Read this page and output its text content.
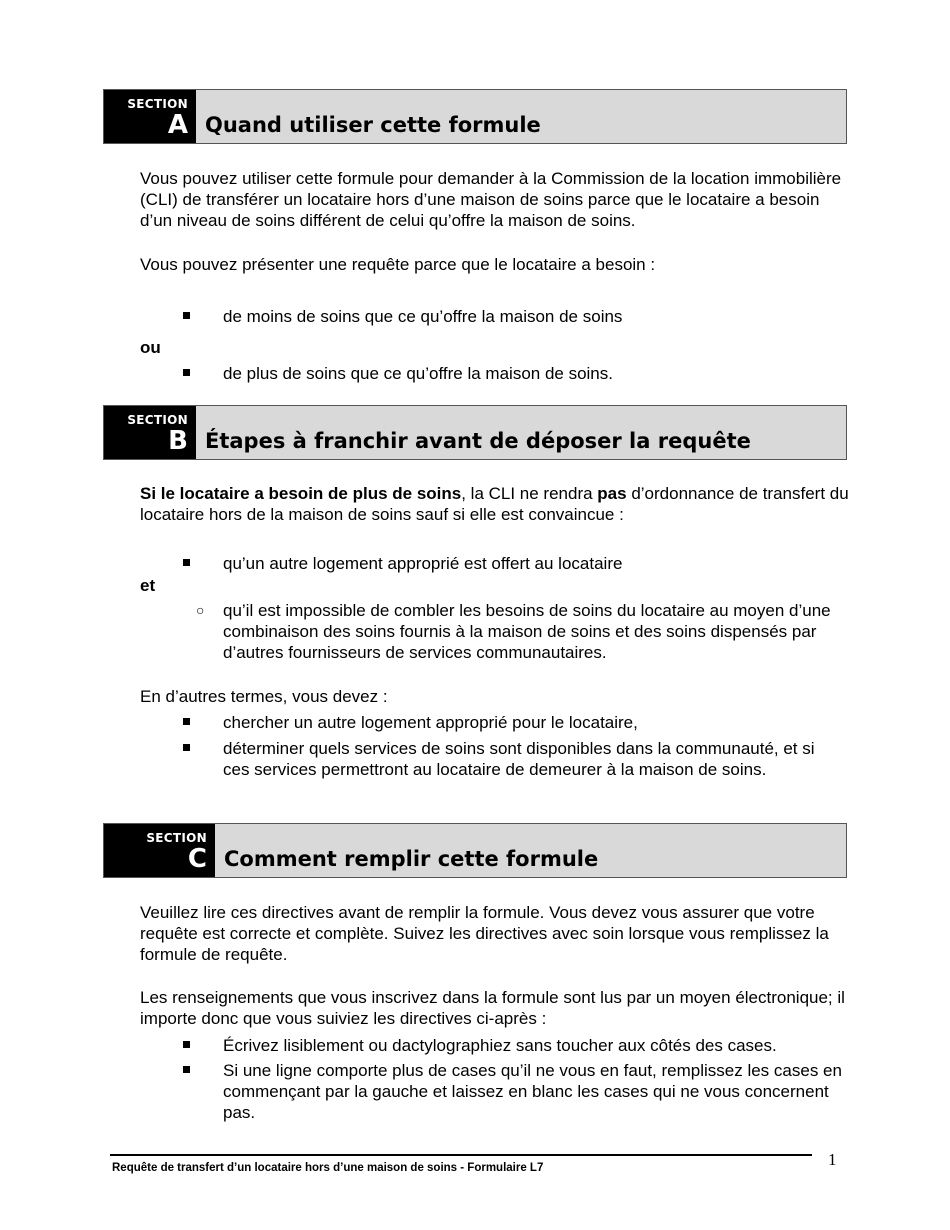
SECTION
A Quand utiliser cette formule

Vous pouvez utiliser cette formule pour demander à la Commission de la location immobilière (CLI) de transférer un locataire hors d’une maison de soins parce que le locataire a besoin d’un niveau de soins différent de celui qu’offre la maison de soins.

Vous pouvez présenter une requête parce que le locataire a besoin :

de moins de soins que ce qu’offre la maison de soins
ou
de plus de soins que ce qu’offre la maison de soins.
SECTION
B Étapes à franchir avant de déposer la requête

Si le locataire a besoin de plus de soins, la CLI ne rendra pas d’ordonnance de transfert du locataire hors de la maison de soins sauf si elle est convaincue :

qu’un autre logement approprié est offert au locataire
et
○ qu’il est impossible de combler les besoins de soins du locataire au moyen d’une combinaison des soins fournis à la maison de soins et des soins dispensés par d’autres fournisseurs de services communautaires.

En d’autres termes, vous devez :

chercher un autre logement approprié pour le locataire,
déterminer quels services de soins sont disponibles dans la communauté, et si ces services permettront au locataire de demeurer à la maison de soins.
SECTION
C Comment remplir cette formule

Veuillez lire ces directives avant de remplir la formule. Vous devez vous assurer que votre requête est correcte et complète. Suivez les directives avec soin lorsque vous remplissez la formule de requête.

Les renseignements que vous inscrivez dans la formule sont lus par un moyen électronique; il importe donc que vous suiviez les directives ci-après :

Écrivez lisiblement ou dactylographiez sans toucher aux côtés des cases.
Si une ligne comporte plus de cases qu’il ne vous en faut, remplissez les cases en commençant par la gauche et laissez en blanc les cases qui ne vous concernent pas.
Requête de transfert d’un locataire hors d’une maison de soins - Formulaire L7	1
